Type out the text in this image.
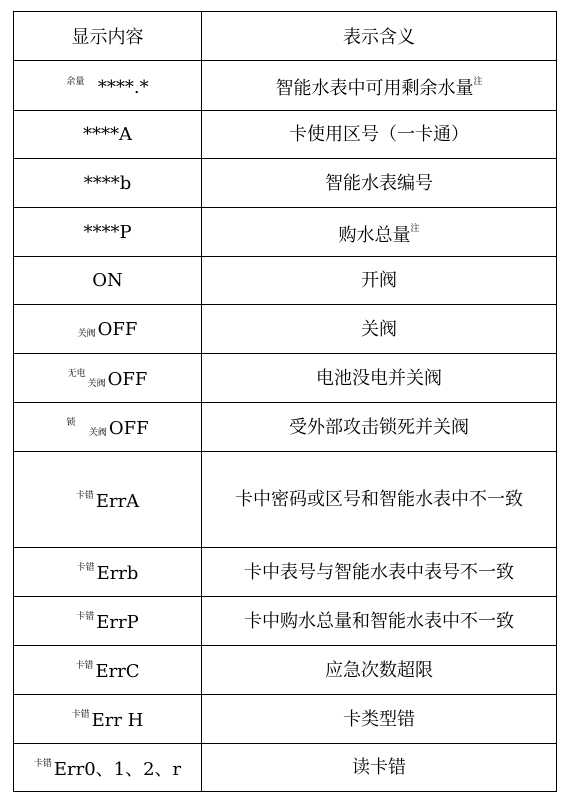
显示内容	表示含义
$^{余量}$ ****.*	智能水表中可用剩余水量$^注$
****A	卡使用区号（一卡通）
****b	智能水表编号
****P	购水总量$^注$
ON	开阀
关阀 OFF	关阀
$^{无电}$关阀 OFF	电池没电并关阀
$^锁$  关阀 OFF	受外部攻击锁死并关阀
$^{卡错}$ ErrA	卡中密码或区号和智能水表中不一致
$^{卡错}$ Errb	卡中表号与智能水表中表号不一致
$^{卡错}$ ErrP	卡中购水总量和智能水表中不一致
$^{卡错}$ ErrC	应急次数超限
$^{卡错}$ Err H	卡类型错
$^{卡错}$ Err0、1、2、r	读卡错
